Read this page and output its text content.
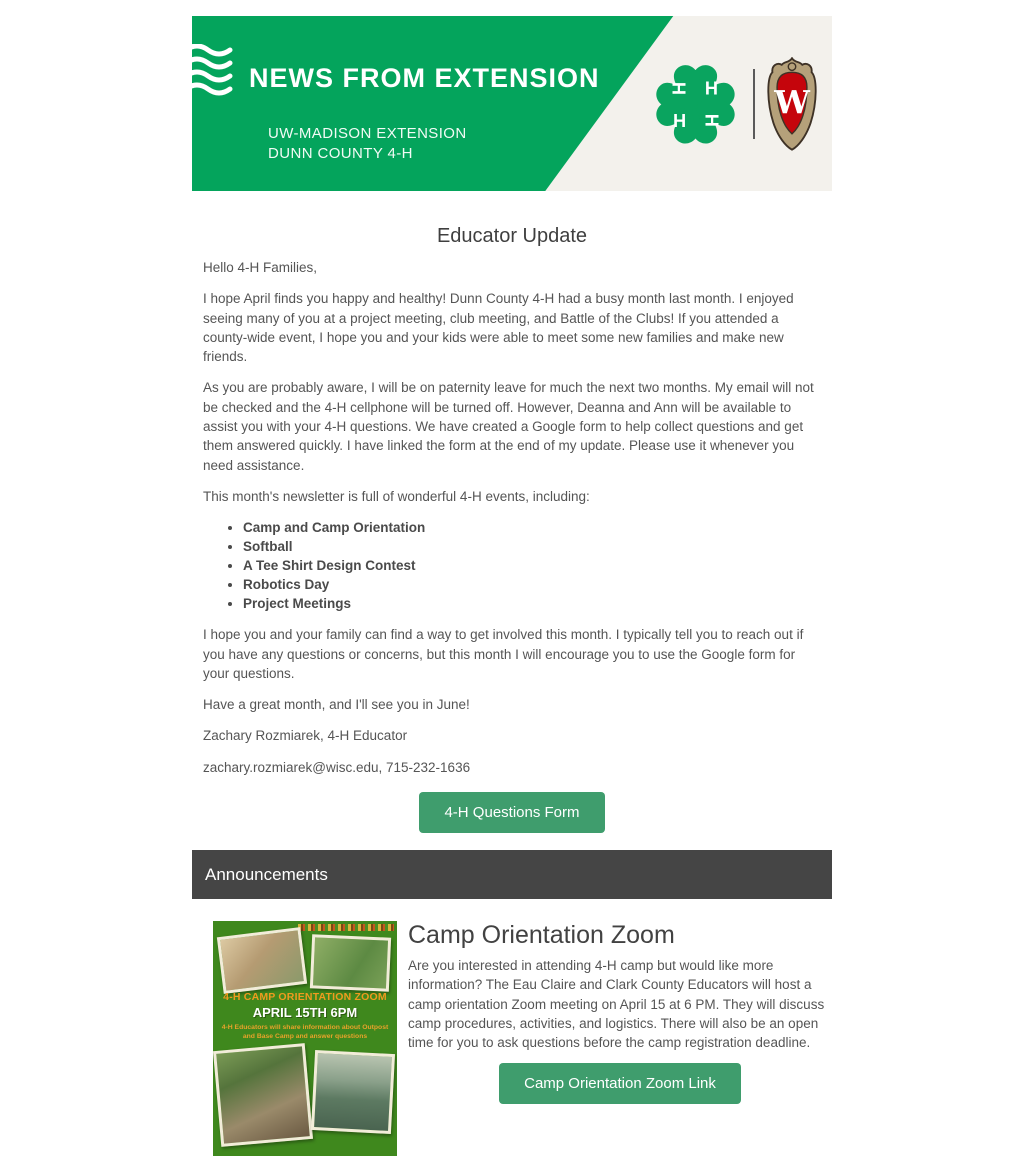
NEWS FROM EXTENSION
UW-MADISON EXTENSION
DUNN COUNTY 4-H
H
H
H
H W
Educator Update

Hello 4-H Families,

I hope April finds you happy and healthy! Dunn County 4-H had a busy month last month. I enjoyed seeing many of you at a project meeting, club meeting, and Battle of the Clubs! If you attended a county-wide event, I hope you and your kids were able to meet some new families and make new friends.

As you are probably aware, I will be on paternity leave for much the next two months. My email will not be checked and the 4-H cellphone will be turned off. However, Deanna and Ann will be available to assist you with your 4-H questions. We have created a Google form to help collect questions and get them answered quickly. I have linked the form at the end of my update. Please use it whenever you need assistance.

This month's newsletter is full of wonderful 4-H events, including:

• Camp and Camp Orientation
• Softball
• A Tee Shirt Design Contest
• Robotics Day
• Project Meetings

I hope you and your family can find a way to get involved this month. I typically tell you to reach out if you have any questions or concerns, but this month I will encourage you to use the Google form for your questions.

Have a great month, and I'll see you in June!

Zachary Rozmiarek, 4-H Educator

zachary.rozmiarek@wisc.edu, 715-232-1636

4-H Questions Form
Announcements
4-H CAMP ORIENTATION ZOOM
APRIL 15TH 6PM
4-H Educators will share information about Outpost and Base Camp and answer questions
Camp Orientation Zoom

Are you interested in attending 4-H camp but would like more information? The Eau Claire and Clark County Educators will host a camp orientation Zoom meeting on April 15 at 6 PM. They will discuss camp procedures, activities, and logistics. There will also be an open time for you to ask questions before the camp registration deadline.

Camp Orientation Zoom Link
